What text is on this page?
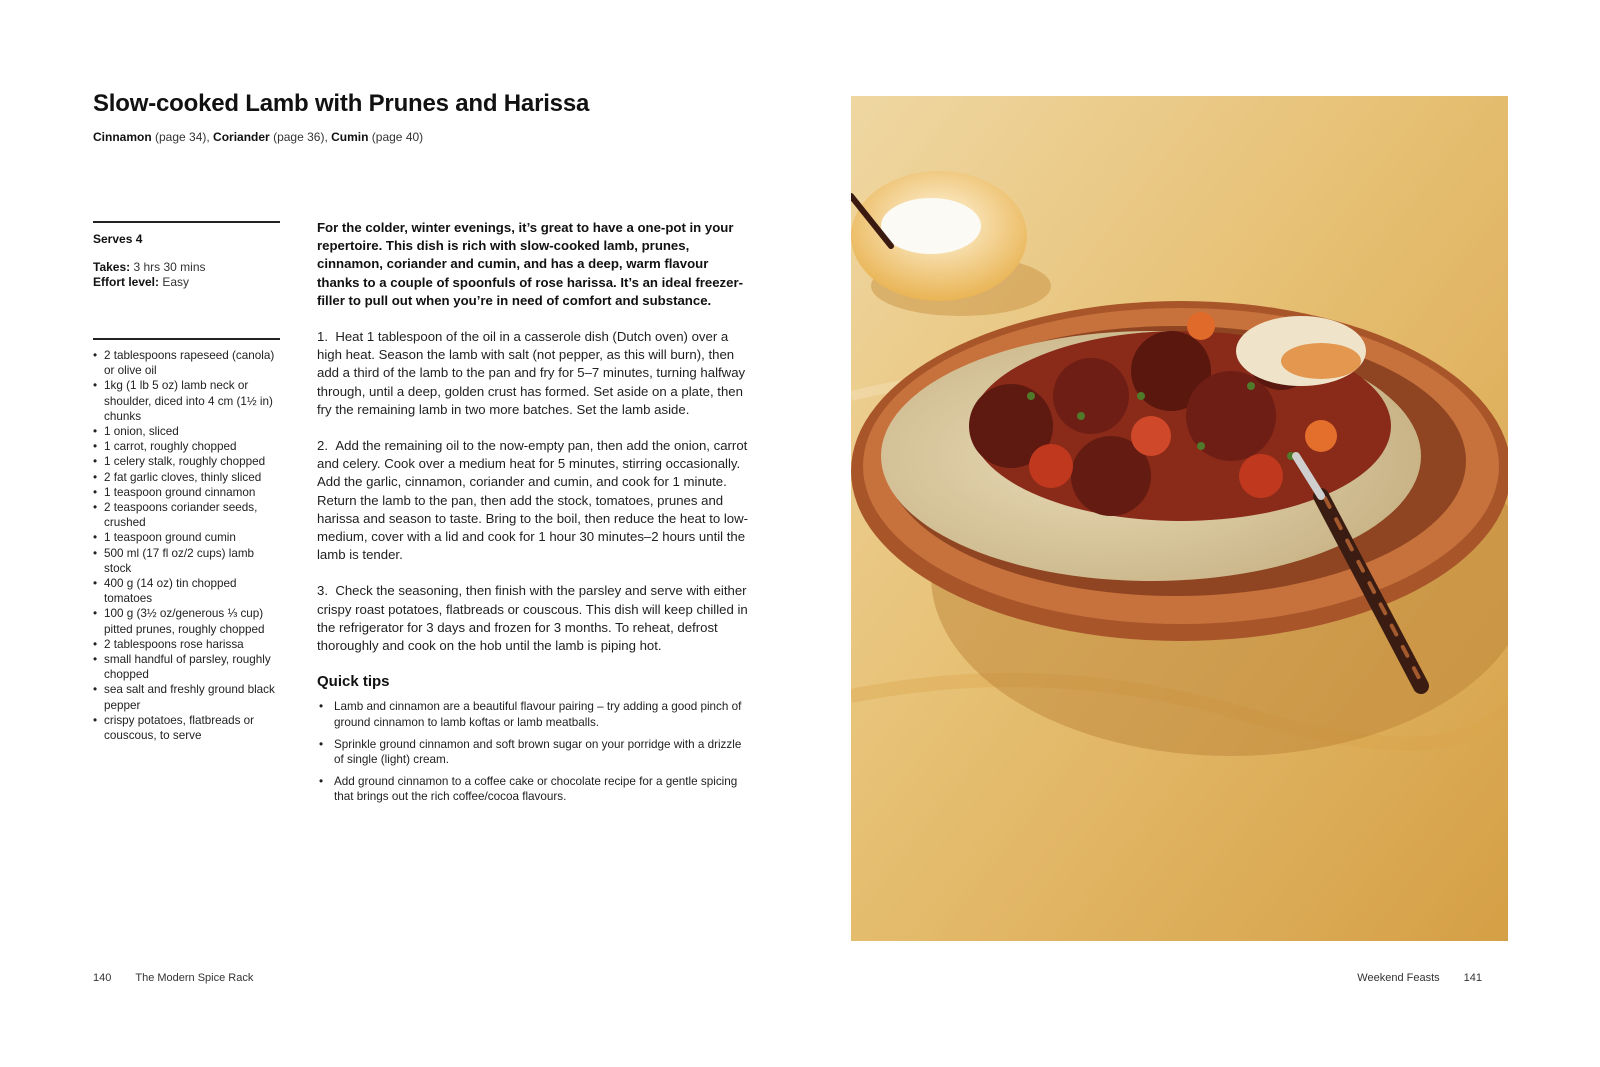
Slow-cooked Lamb with Prunes and Harissa
Cinnamon (page 34), Coriander (page 36), Cumin (page 40)
Serves 4
Takes: 3 hrs 30 mins
Effort level: Easy
• 2 tablespoons rapeseed (canola) or olive oil
• 1kg (1 lb 5 oz) lamb neck or shoulder, diced into 4 cm (1½ in) chunks
• 1 onion, sliced
• 1 carrot, roughly chopped
• 1 celery stalk, roughly chopped
• 2 fat garlic cloves, thinly sliced
• 1 teaspoon ground cinnamon
• 2 teaspoons coriander seeds, crushed
• 1 teaspoon ground cumin
• 500 ml (17 fl oz/2 cups) lamb stock
• 400 g (14 oz) tin chopped tomatoes
• 100 g (3½ oz/generous ⅓ cup) pitted prunes, roughly chopped
• 2 tablespoons rose harissa
• small handful of parsley, roughly chopped
• sea salt and freshly ground black pepper
• crispy potatoes, flatbreads or couscous, to serve

For the colder, winter evenings, it’s great to have a one-pot in your repertoire. This dish is rich with slow-cooked lamb, prunes, cinnamon, coriander and cumin, and has a deep, warm flavour thanks to a couple of spoonfuls of rose harissa. It’s an ideal freezer-filler to pull out when you’re in need of comfort and substance.

1.  Heat 1 tablespoon of the oil in a casserole dish (Dutch oven) over a high heat. Season the lamb with salt (not pepper, as this will burn), then add a third of the lamb to the pan and fry for 5–7 minutes, turning halfway through, until a deep, golden crust has formed. Set aside on a plate, then fry the remaining lamb in two more batches. Set the lamb aside.

2.  Add the remaining oil to the now-empty pan, then add the onion, carrot and celery. Cook over a medium heat for 5 minutes, stirring occasionally. Add the garlic, cinnamon, coriander and cumin, and cook for 1 minute. Return the lamb to the pan, then add the stock, tomatoes, prunes and harissa and season to taste. Bring to the boil, then reduce the heat to low-medium, cover with a lid and cook for 1 hour 30 minutes–2 hours until the lamb is tender.

3.  Check the seasoning, then finish with the parsley and serve with either crispy roast potatoes, flatbreads or couscous. This dish will keep chilled in the refrigerator for 3 days and frozen for 3 months. To reheat, defrost thoroughly and cook on the hob until the lamb is piping hot.

Quick tips
• Lamb and cinnamon are a beautiful flavour pairing – try adding a good pinch of ground cinnamon to lamb koftas or lamb meatballs.
• Sprinkle ground cinnamon and soft brown sugar on your porridge with a drizzle of single (light) cream.
• Add ground cinnamon to a coffee cake or chocolate recipe for a gentle spicing that brings out the rich coffee/cocoa flavours.
140 The Modern Spice Rack	Weekend Feasts 141
